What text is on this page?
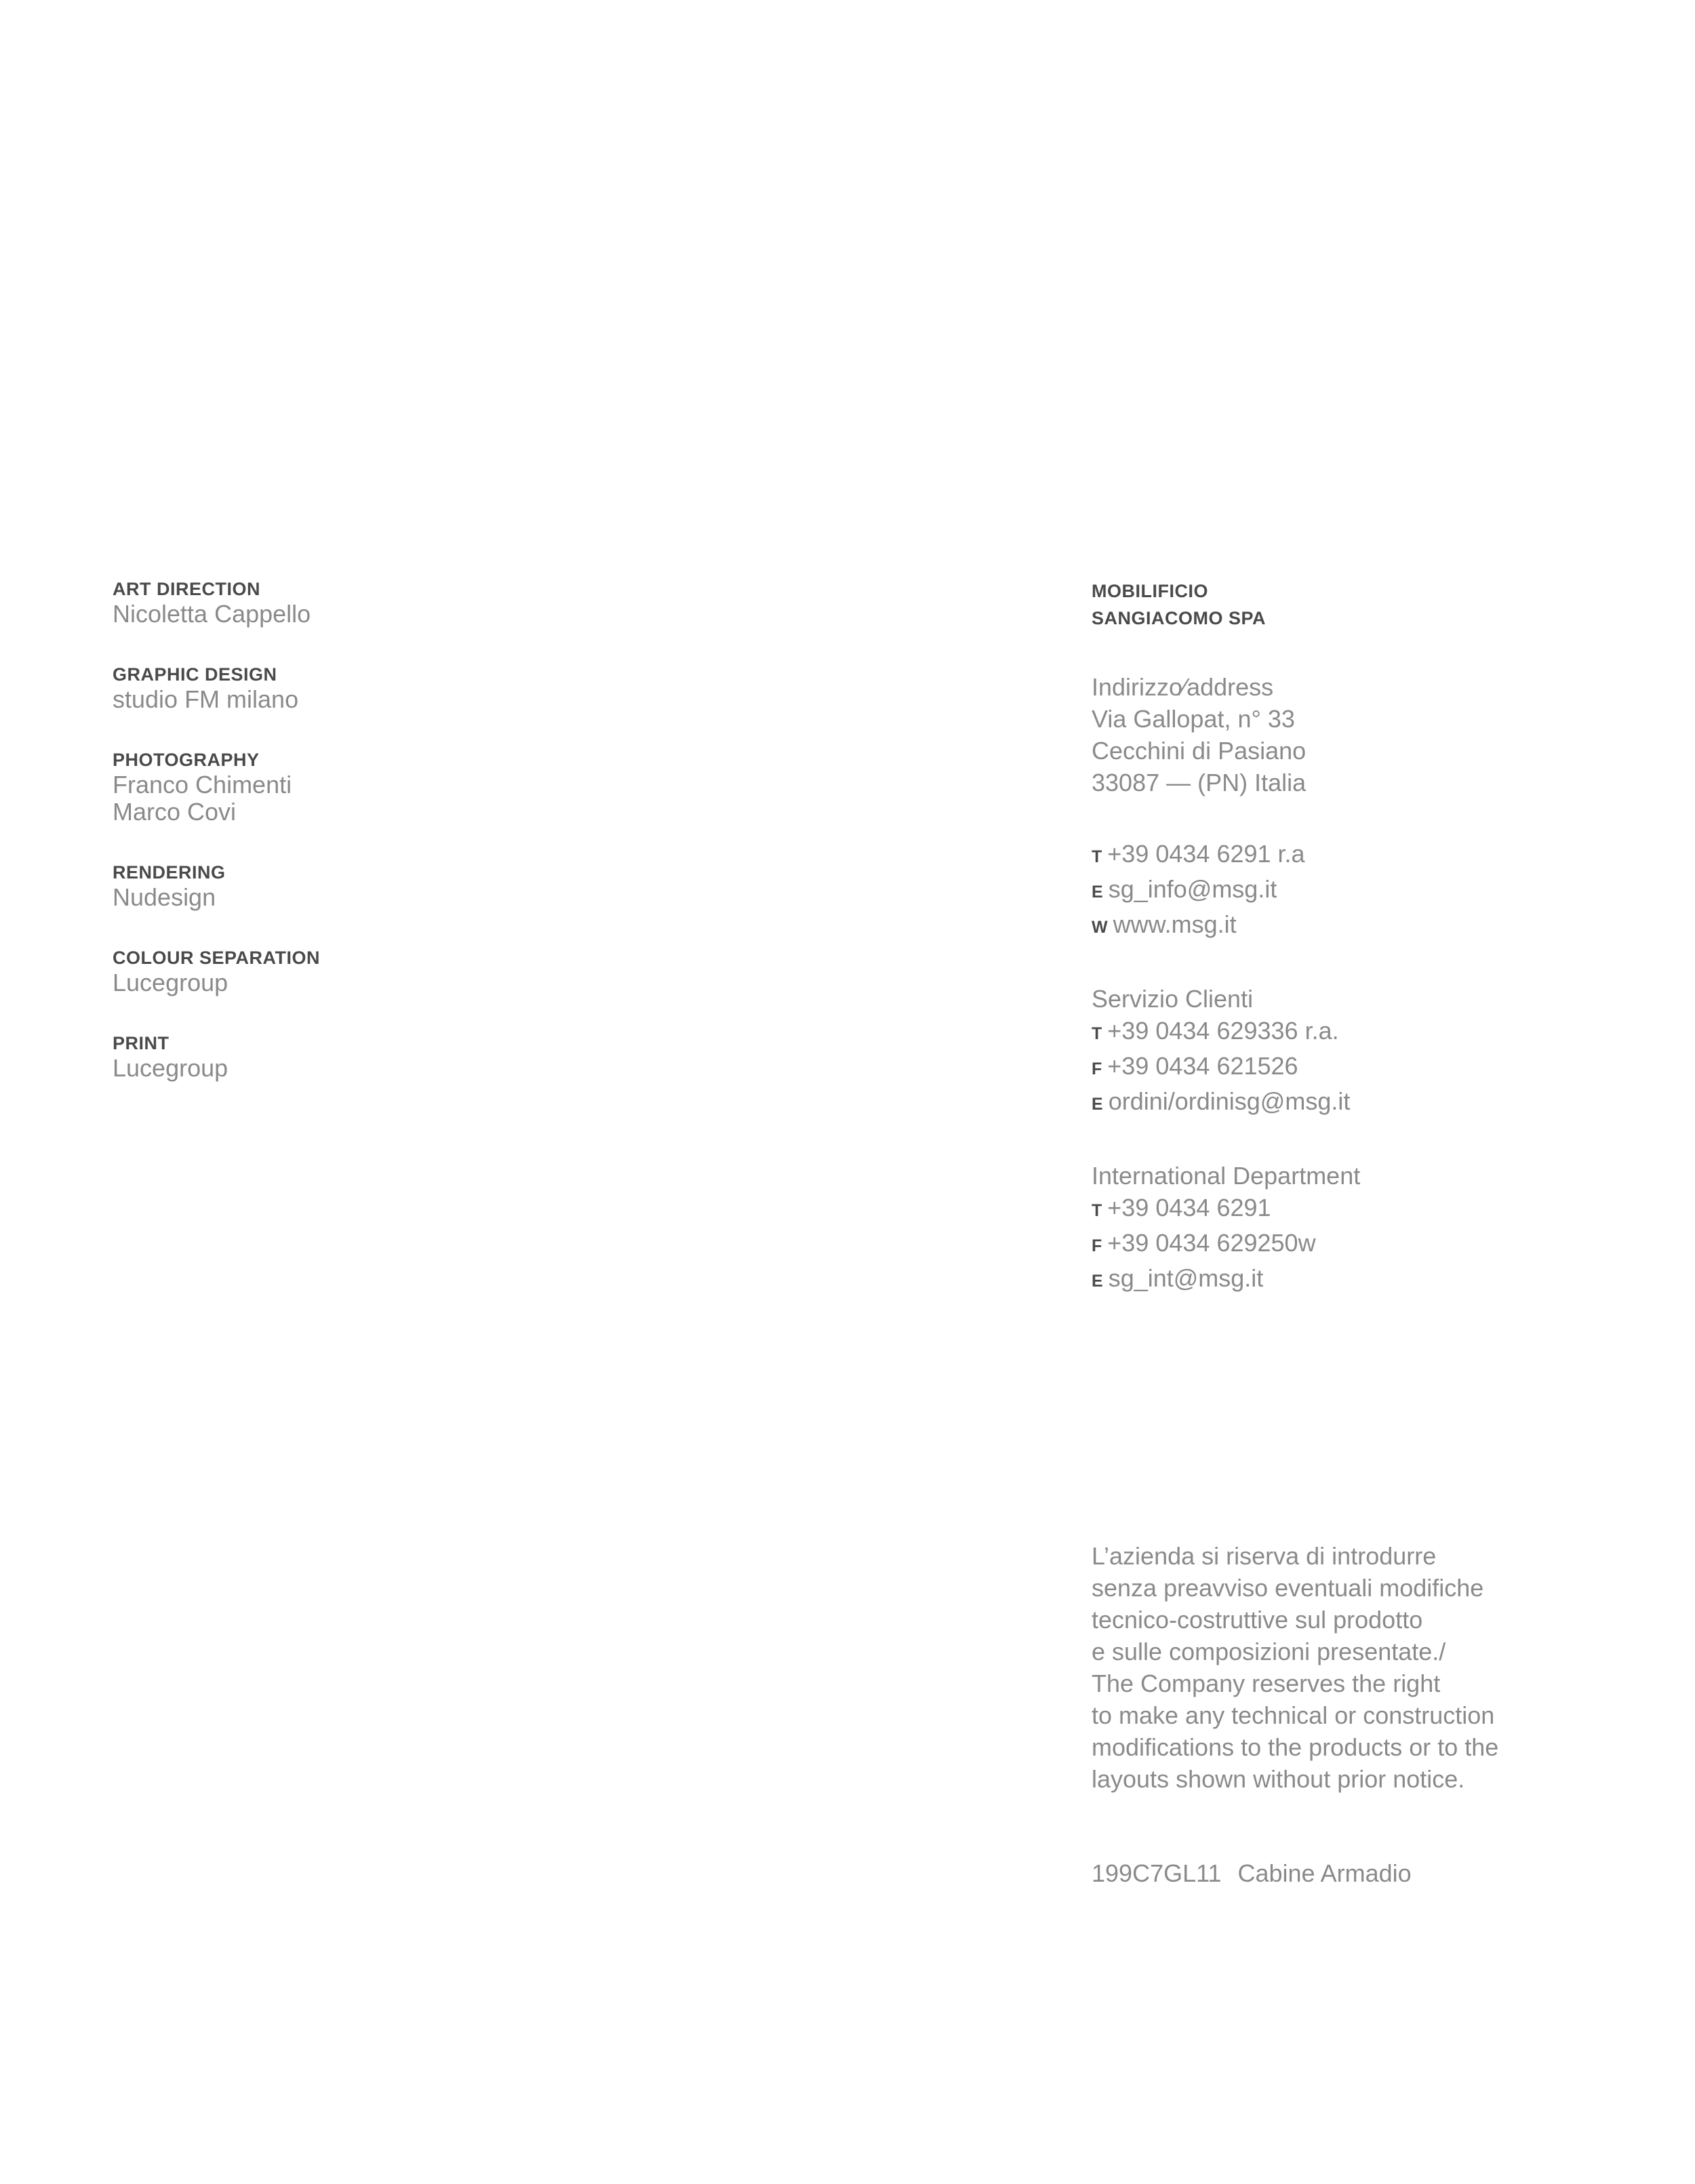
ART DIRECTION
Nicoletta Cappello
GRAPHIC DESIGN
studio FM milano
PHOTOGRAPHY
Franco Chimenti
Marco Covi
RENDERING
Nudesign
COLOUR SEPARATION
Lucegroup
PRINT
Lucegroup
MOBILIFICIO
SANGIACOMO SPA
Indirizzo⁄address
Via Gallopat, n° 33
Cecchini di Pasiano
33087 — (PN) Italia
T +39 0434 6291 r.a
E sg_info@msg.it
W www.msg.it
Servizio Clienti
T +39 0434 629336 r.a.
F +39 0434 621526
E ordini/ordinisg@msg.it
International Department
T +39 0434 6291
F +39 0434 629250w
E sg_int@msg.it
L’azienda si riserva di introdurre
senza preavviso eventuali modifiche
tecnico-costruttive sul prodotto
e sulle composizioni presentate./
The Company reserves the right
to make any technical or construction
modifications to the products or to the
layouts shown without prior notice.
199C7GL11 Cabine Armadio
